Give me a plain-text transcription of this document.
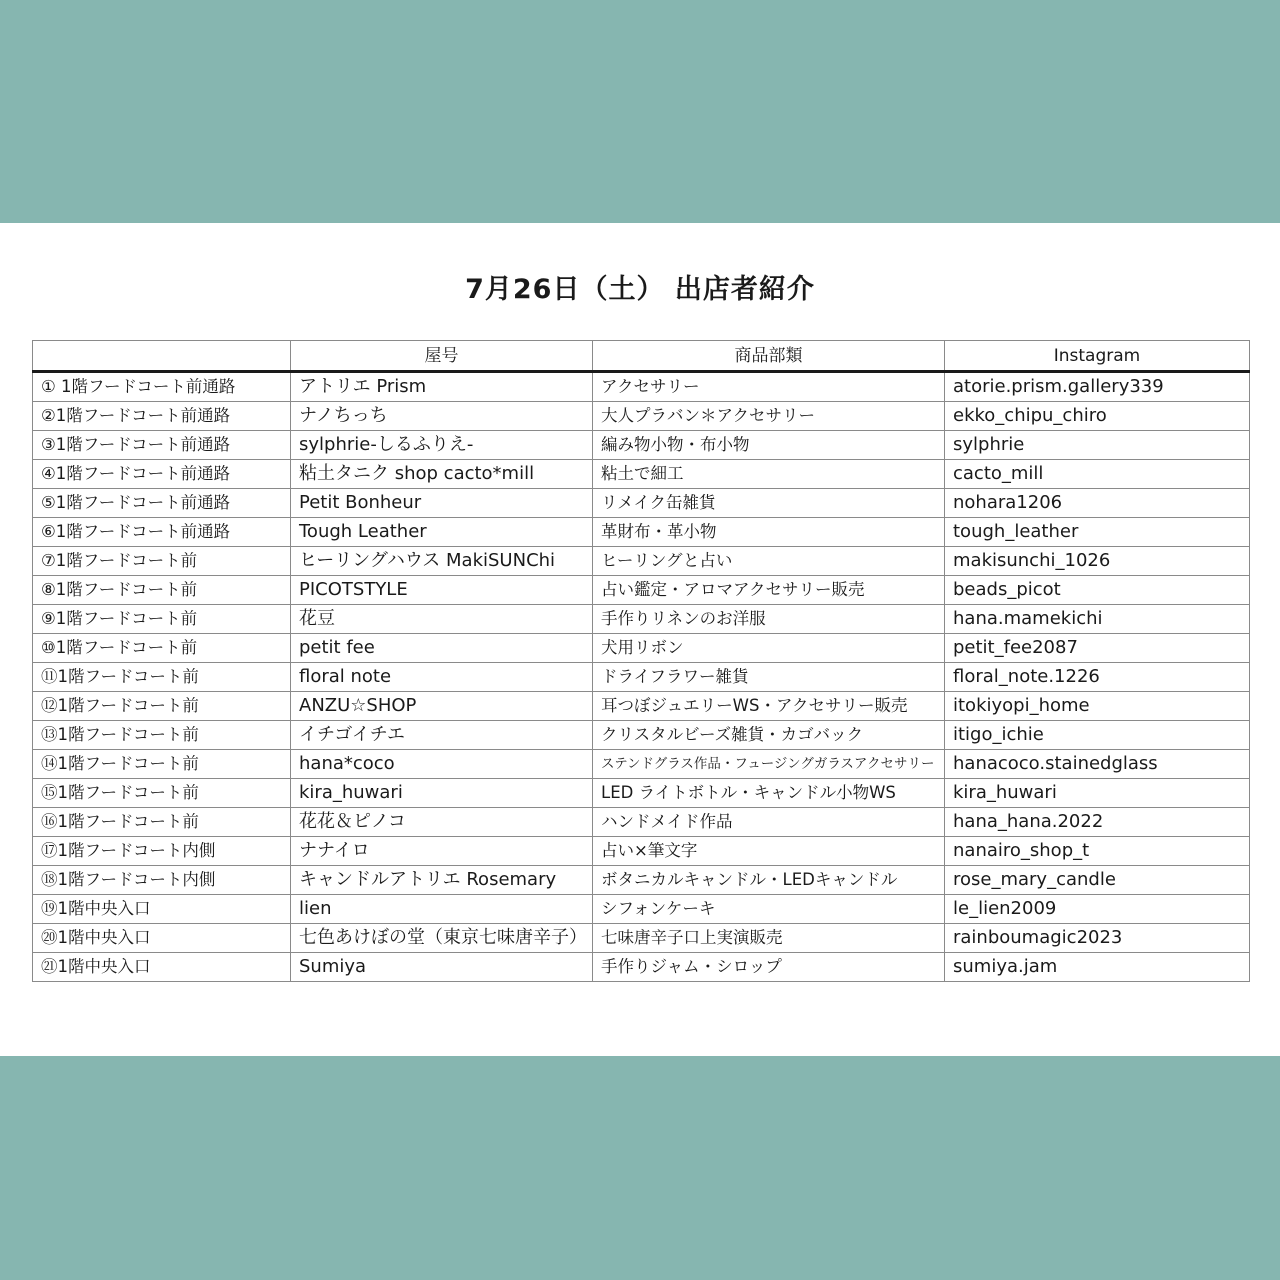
7月26日（土） 出店者紹介
	屋号	商品部類	Instagram
① 1階フードコート前通路	アトリエ Prism	アクセサリー	atorie.prism.gallery339
②1階フードコート前通路	ナノちっち	大人プラバン＊アクセサリー	ekko_chipu_chiro
③1階フードコート前通路	sylphrie-しるふりえ-	編み物小物・布小物	sylphrie
④1階フードコート前通路	粘土タニク shop cacto*mill	粘土で細工	cacto_mill
⑤1階フードコート前通路	Petit Bonheur	リメイク缶雑貨	nohara1206
⑥1階フードコート前通路	Tough Leather	革財布・革小物	tough_leather
⑦1階フードコート前	ヒーリングハウス MakiSUNChi	ヒーリングと占い	makisunchi_1026
⑧1階フードコート前	PICOTSTYLE	占い鑑定・アロマアクセサリー販売	beads_picot
⑨1階フードコート前	花豆	手作りリネンのお洋服	hana.mamekichi
⑩1階フードコート前	petit fee	犬用リボン	petit_fee2087
⑪1階フードコート前	floral note	ドライフラワー雑貨	floral_note.1226
⑫1階フードコート前	ANZU☆SHOP	耳つぼジュエリーWS・アクセサリー販売	itokiyopi_home
⑬1階フードコート前	イチゴイチエ	クリスタルビーズ雑貨・カゴバック	itigo_ichie
⑭1階フードコート前	hana*coco	ステンドグラス作品・フュージングガラスアクセサリー	hanacoco.stainedglass
⑮1階フードコート前	kira_huwari	LED ライトボトル・キャンドル小物WS	kira_huwari
⑯1階フードコート前	花花＆ピノコ	ハンドメイド作品	hana_hana.2022
⑰1階フードコート内側	ナナイロ	占い×筆文字	nanairo_shop_t
⑱1階フードコート内側	キャンドルアトリエ Rosemary	ボタニカルキャンドル・LEDキャンドル	rose_mary_candle
⑲1階中央入口	lien	シフォンケーキ	le_lien2009
⑳1階中央入口	七色あけぼの堂（東京七味唐辛子）	七味唐辛子口上実演販売	rainboumagic2023
㉑1階中央入口	Sumiya	手作りジャム・シロップ	sumiya.jam
